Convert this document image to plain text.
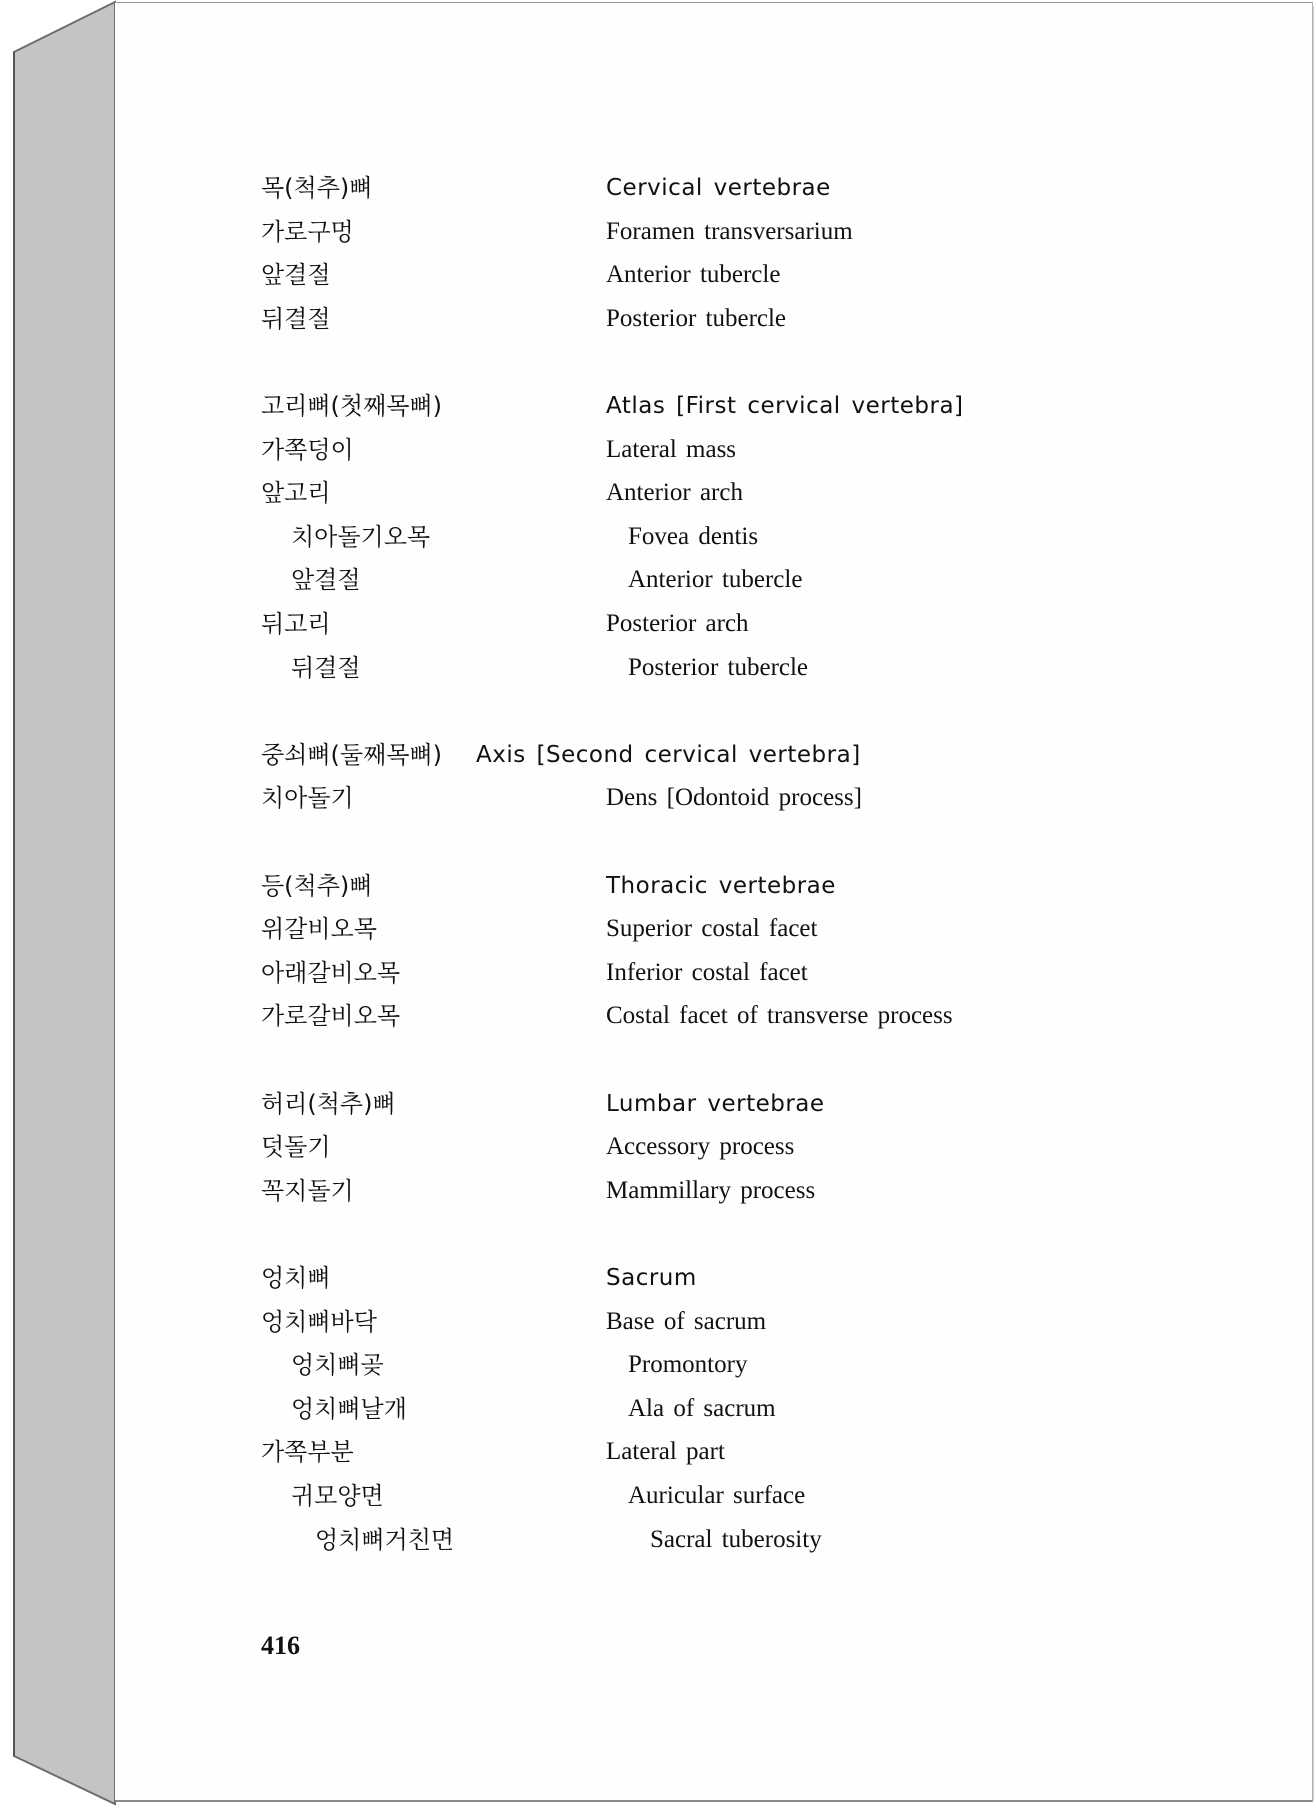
416
목(척추)뼈	Cervical vertebrae
가로구멍	Foramen transversarium
앞결절	Anterior tubercle
뒤결절	Posterior tubercle
고리뼈(첫째목뼈)	Atlas [First cervical vertebra]
가쪽덩이	Lateral mass
앞고리	Anterior arch
치아돌기오목	Fovea dentis
앞결절	Anterior tubercle
뒤고리	Posterior arch
뒤결절	Posterior tubercle
중쇠뼈(둘째목뼈) Axis [Second cervical vertebra]
치아돌기	Dens [Odontoid process]
등(척추)뼈	Thoracic vertebrae
위갈비오목	Superior costal facet
아래갈비오목	Inferior costal facet
가로갈비오목	Costal facet of transverse process
허리(척추)뼈	Lumbar vertebrae
덧돌기	Accessory process
꼭지돌기	Mammillary process
엉치뼈	Sacrum
엉치뼈바닥	Base of sacrum
엉치뼈곶	Promontory
엉치뼈날개	Ala of sacrum
가쪽부분	Lateral part
귀모양면	Auricular surface
엉치뼈거친면	Sacral tuberosity
